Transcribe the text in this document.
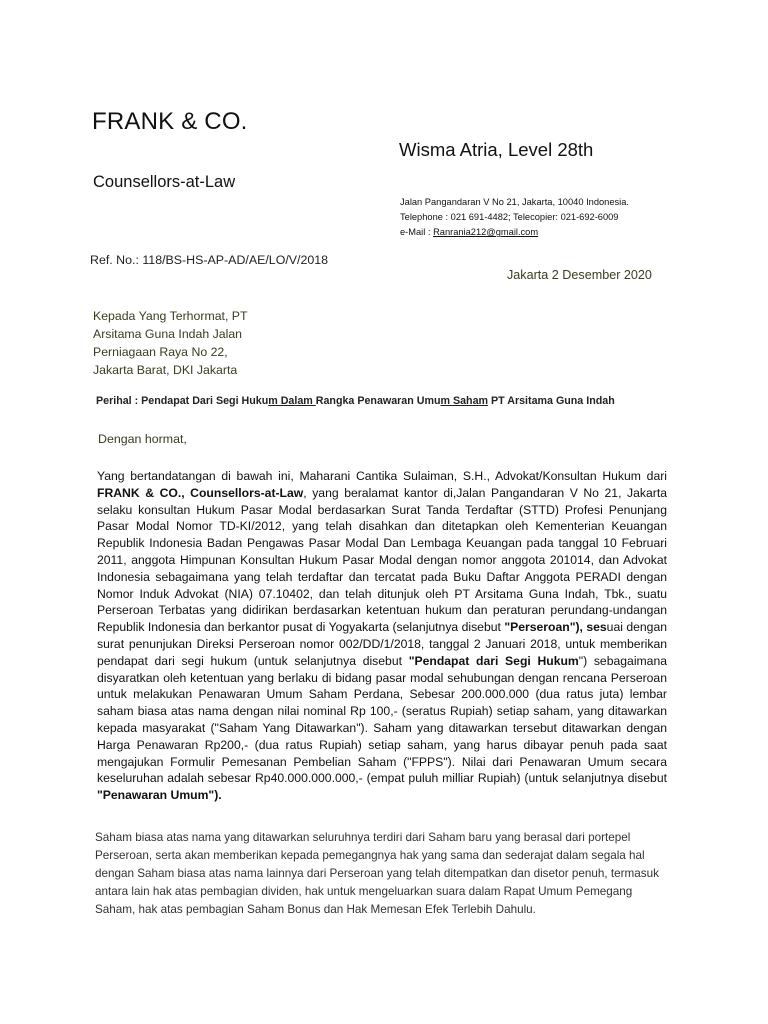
FRANK & CO.
Counsellors-at-Law
Wisma Atria, Level 28th
Jalan Pangandaran V No 21, Jakarta, 10040 Indonesia.
Telephone : 021 691-4482; Telecopier: 021-692-6009
e-Mail : Ranrania212@gmail.com
Ref. No.: 118/BS-HS-AP-AD/AE/LO/V/2018
Jakarta 2 Desember 2020
Kepada Yang Terhormat, PT
Arsitama Guna Indah Jalan
Perniagaan Raya No 22,
Jakarta Barat, DKI Jakarta
Perihal : Pendapat Dari Segi Hukum Dalam Rangka Penawaran Umum Saham PT Arsitama Guna Indah
Dengan hormat,
Yang bertandatangan di bawah ini, Maharani Cantika Sulaiman, S.H., Advokat/Konsultan Hukum dari FRANK & CO., Counsellors-at-Law, yang beralamat kantor di,Jalan Pangandaran V No 21, Jakarta selaku konsultan Hukum Pasar Modal berdasarkan Surat Tanda Terdaftar (STTD) Profesi Penunjang Pasar Modal Nomor TD-KI/2012, yang telah disahkan dan ditetapkan oleh Kementerian Keuangan Republik Indonesia Badan Pengawas Pasar Modal Dan Lembaga Keuangan pada tanggal 10 Februari 2011, anggota Himpunan Konsultan Hukum Pasar Modal dengan nomor anggota 201014, dan Advokat Indonesia sebagaimana yang telah terdaftar dan tercatat pada Buku Daftar Anggota PERADI dengan Nomor Induk Advokat (NIA) 07.10402, dan telah ditunjuk oleh PT Arsitama Guna Indah, Tbk., suatu Perseroan Terbatas yang didirikan berdasarkan ketentuan hukum dan peraturan perundang-undangan Republik Indonesia dan berkantor pusat di Yogyakarta (selanjutnya disebut "Perseroan"), sesuai dengan surat penunjukan Direksi Perseroan nomor 002/DD/1/2018, tanggal 2 Januari 2018, untuk memberikan pendapat dari segi hukum (untuk selanjutnya disebut "Pendapat dari Segi Hukum") sebagaimana disyaratkan oleh ketentuan yang berlaku di bidang pasar modal sehubungan dengan rencana Perseroan untuk melakukan Penawaran Umum Saham Perdana, Sebesar 200.000.000 (dua ratus juta) lembar saham biasa atas nama dengan nilai nominal Rp 100,- (seratus Rupiah) setiap saham, yang ditawarkan kepada masyarakat ("Saham Yang Ditawarkan"). Saham yang ditawarkan tersebut ditawarkan dengan Harga Penawaran Rp200,- (dua ratus Rupiah) setiap saham, yang harus dibayar penuh pada saat mengajukan Formulir Pemesanan Pembelian Saham ("FPPS"). Nilai dari Penawaran Umum secara keseluruhan adalah sebesar Rp40.000.000.000,- (empat puluh milliar Rupiah) (untuk selanjutnya disebut "Penawaran Umum").
Saham biasa atas nama yang ditawarkan seluruhnya terdiri dari Saham baru yang berasal dari portepel Perseroan, serta akan memberikan kepada pemegangnya hak yang sama dan sederajat dalam segala hal dengan Saham biasa atas nama lainnya dari Perseroan yang telah ditempatkan dan disetor penuh, termasuk antara lain hak atas pembagian dividen, hak untuk mengeluarkan suara dalam Rapat Umum Pemegang Saham, hak atas pembagian Saham Bonus dan Hak Memesan Efek Terlebih Dahulu.
